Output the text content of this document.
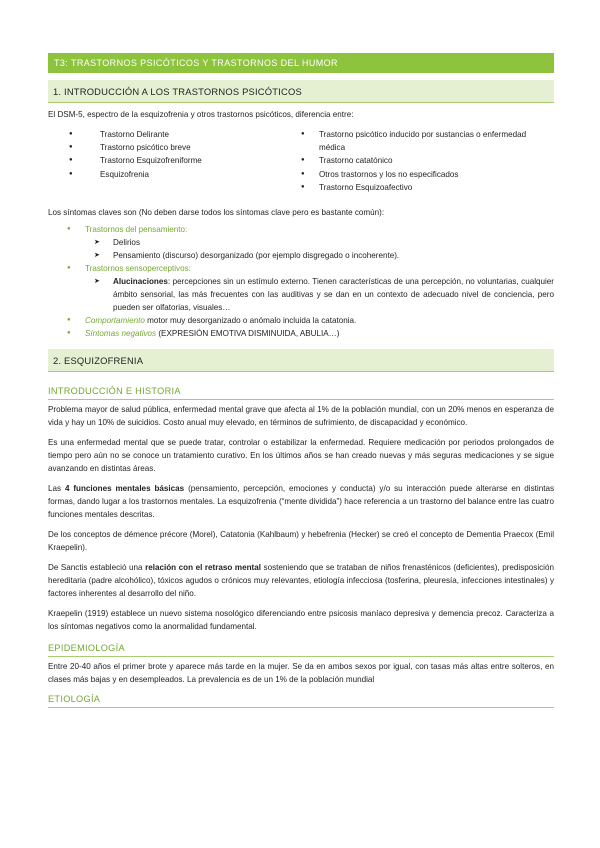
T3: TRASTORNOS PSICÓTICOS Y TRASTORNOS DEL HUMOR
1. INTRODUCCIÓN A LOS TRASTORNOS PSICÓTICOS

El DSM-5, espectro de la esquizofrenia y otros trastornos psicóticos, diferencia entre:

● Trastorno Delirante
● Trastorno psicótico breve
● Trastorno Esquizofreniforme
● Esquizofrenia
● Trastorno psicótico inducido por sustancias o enfermedad médica
● Trastorno catatónico
● Otros trastornos y los no especificados
● Trastorno Esquizoafectivo

Los síntomas claves son (No deben darse todos los síntomas clave pero es bastante común):

● Trastornos del pensamiento:
➤ Delirios
➤ Pensamiento (discurso) desorganizado (por ejemplo disgregado o incoherente).
● Trastornos sensoperceptivos:
➤ Alucinaciones: percepciones sin un estímulo externo. Tienen características de una percepción, no voluntarias, cualquier ámbito sensorial, las más frecuentes con las auditivas y se dan en un contexto de adecuado nivel de conciencia, pero pueden ser olfatorias, visuales…
● Comportamiento motor muy desorganizado o anómalo incluida la catatonia.
● Síntomas negativos (EXPRESIÓN EMOTIVA DISMINUIDA, ABULIA…)
2. ESQUIZOFRENIA
INTRODUCCIÓN E HISTORIA

Problema mayor de salud pública, enfermedad mental grave que afecta al 1% de la población mundial, con un 20% menos en esperanza de vida y hay un 10% de suicidios. Costo anual muy elevado, en términos de sufrimiento, de discapacidad y económico.

Es una enfermedad mental que se puede tratar, controlar o estabilizar la enfermedad. Requiere medicación por periodos prolongados de tiempo pero aún no se conoce un tratamiento curativo. En los últimos años se han creado nuevas y más seguras medicaciones y se sigue avanzando en distintas áreas.

Las 4 funciones mentales básicas (pensamiento, percepción, emociones y conducta) y/o su interacción puede alterarse en distintas formas, dando lugar a los trastornos mentales. La esquizofrenia (“mente dividida”) hace referencia a un trastorno del balance entre las cuatro funciones mentales descritas.

De los conceptos de démence précore (Morel), Catatonia (Kahlbaum) y hebefrenia (Hecker) se creó el concepto de Dementia Praecox (Emil Kraepelin).

De Sanctis estableció una relación con el retraso mental sosteniendo que se trataban de niños frenasténicos (deficientes), predisposición hereditaria (padre alcohólico), tóxicos agudos o crónicos muy relevantes, etiología infecciosa (tosferina, pleuresía, infecciones intestinales) y factores inherentes al desarrollo del niño.

Kraepelin (1919) establece un nuevo sistema nosológico diferenciando entre psicosis maníaco depresiva y demencia precoz. Caracteriza a los síntomas negativos como la anormalidad fundamental.

EPIDEMIOLOGÍA

Entre 20-40 años el primer brote y aparece más tarde en la mujer. Se da en ambos sexos por igual, con tasas más altas entre solteros, en clases más bajas y en desempleados. La prevalencia es de un 1% de la población mundial

ETIOLOGÍA
